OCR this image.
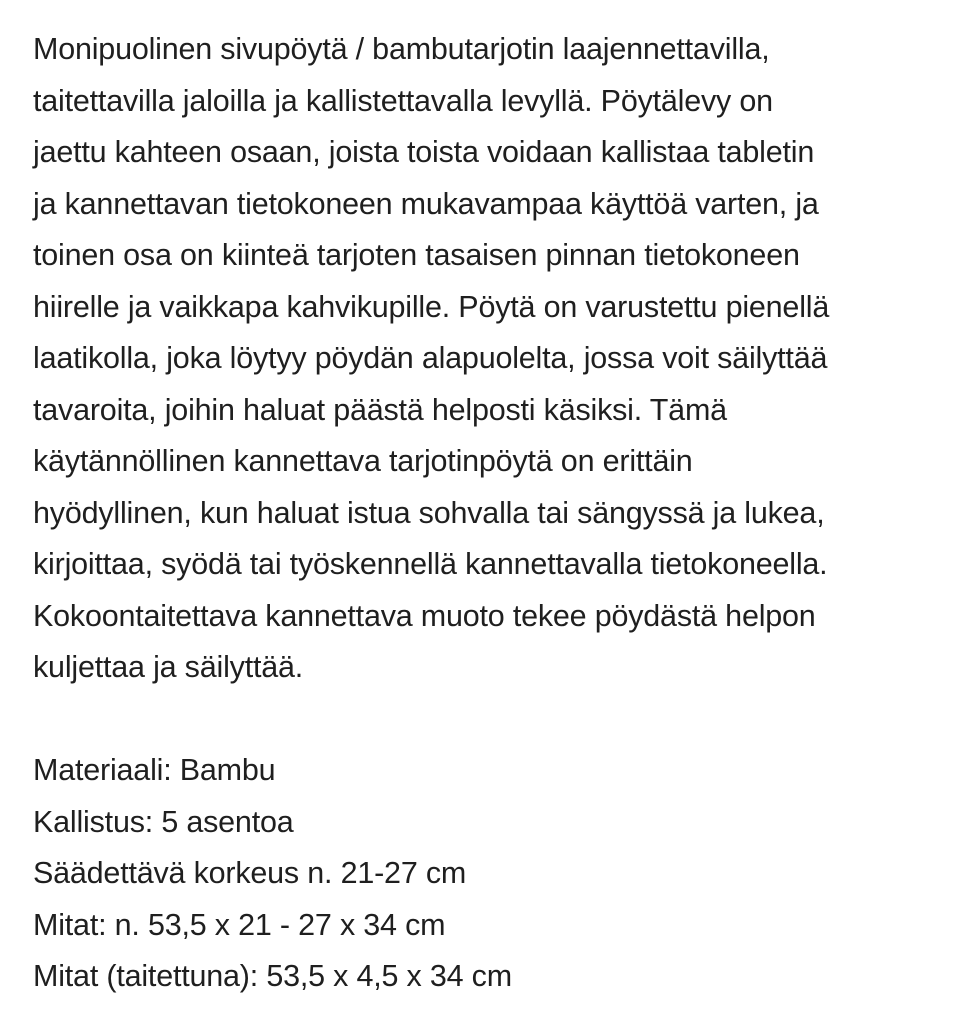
Monipuolinen sivupöytä / bambutarjotin laajennettavilla,
taitettavilla jaloilla ja kallistettavalla levyllä. Pöytälevy on
jaettu kahteen osaan, joista toista voidaan kallistaa tabletin
ja kannettavan tietokoneen mukavampaa käyttöä varten, ja
toinen osa on kiinteä tarjoten tasaisen pinnan tietokoneen
hiirelle ja vaikkapa kahvikupille. Pöytä on varustettu pienellä
laatikolla, joka löytyy pöydän alapuolelta, jossa voit säilyttää
tavaroita, joihin haluat päästä helposti käsiksi. Tämä
käytännöllinen kannettava tarjotinpöytä on erittäin
hyödyllinen, kun haluat istua sohvalla tai sängyssä ja lukea,
kirjoittaa, syödä tai työskennellä kannettavalla tietokoneella.
Kokoontaitettava kannettava muoto tekee pöydästä helpon
kuljettaa ja säilyttää.
Materiaali: Bambu
Kallistus: 5 asentoa
Säädettävä korkeus n. 21-27 cm
Mitat: n. 53,5 x 21 - 27 x 34 cm
Mitat (taitettuna): 53,5 x 4,5 x 34 cm
